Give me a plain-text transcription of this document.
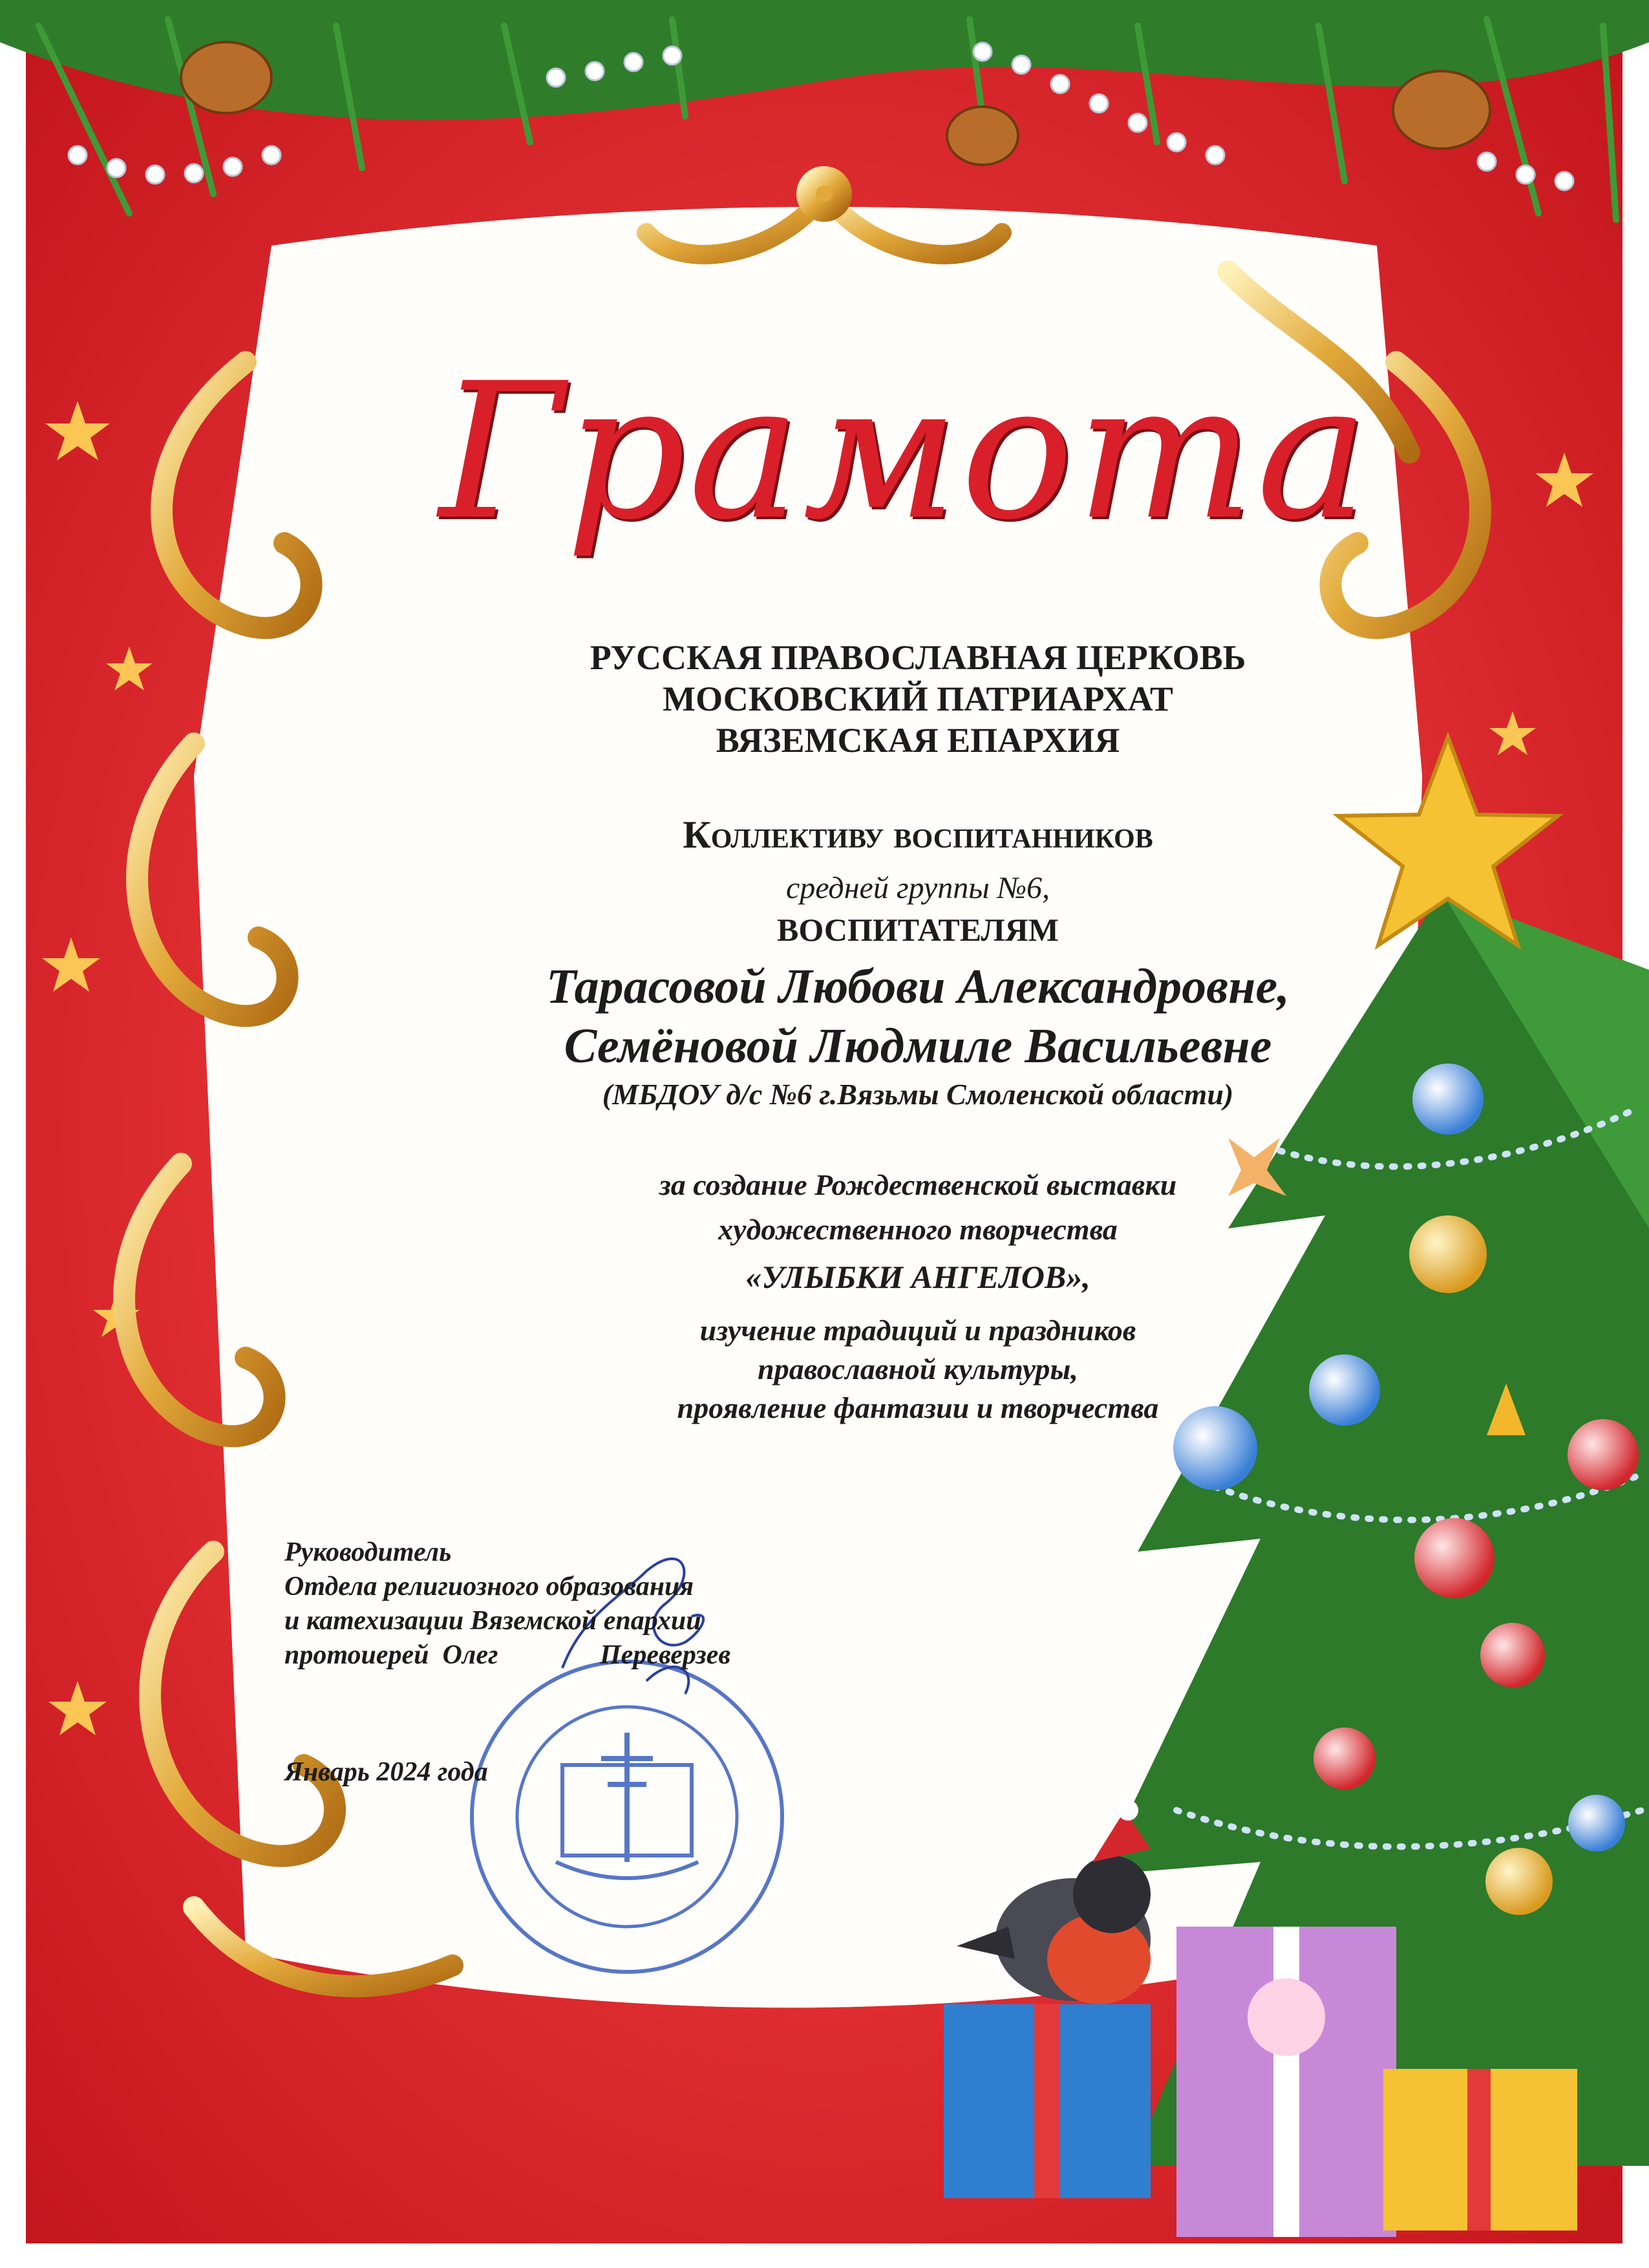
Грамота
РУССКАЯ ПРАВОСЛАВНАЯ ЦЕРКОВЬ
МОСКОВСКИЙ ПАТРИАРХАТ
ВЯЗЕМСКАЯ ЕПАРХИЯ
Коллективу воспитанников
средней группы №6,
ВОСПИТАТЕЛЯМ
Тарасовой Любови Александровне,
Семёновой Людмиле Васильевне
(МБДОУ д/с №6 г.Вязьмы Смоленской области)
за создание Рождественской выставки
художественного творчества
«УЛЫБКИ АНГЕЛОВ»,
изучение традиций и праздников
православной культуры,
проявление фантазии и творчества
Руководитель
Отдела религиозного образования
и катехизации Вяземской епархии
протоиерей  Олег               Переверзев
Январь 2024 года
